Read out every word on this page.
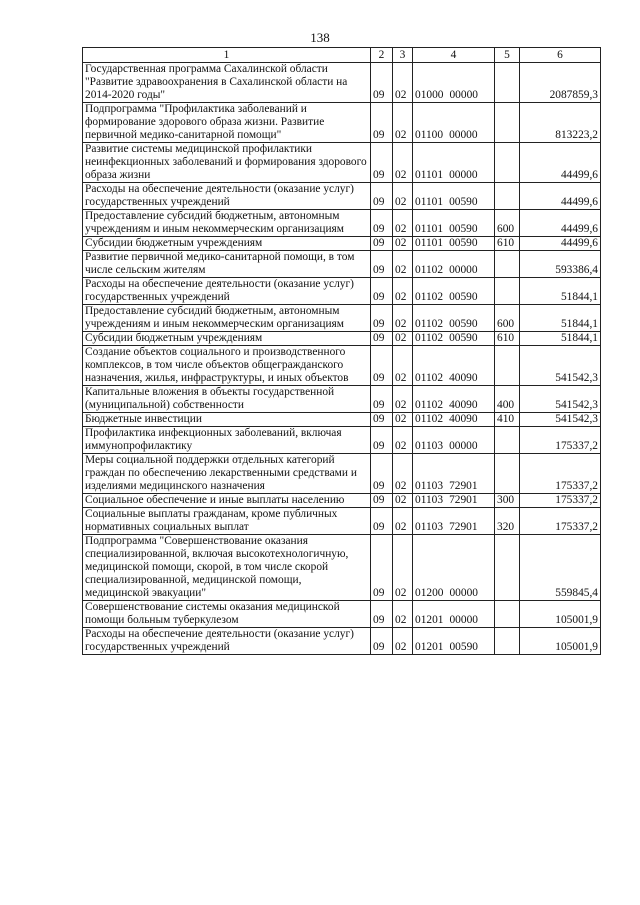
138
1	2	3	4	5	6
Государственная программа Сахалинской области "Развитие здравоохранения в Сахалинской области на 2014-2020 годы"	09	02	01000 00000		2087859,3
Подпрограмма "Профилактика заболеваний и формирование здорового образа жизни. Развитие первичной медико-санитарной помощи"	09	02	01100 00000		813223,2
Развитие системы медицинской профилактики неинфекционных заболеваний и формирования здорового образа жизни	09	02	01101 00000		44499,6
Расходы на обеспечение деятельности (оказание услуг) государственных учреждений	09	02	01101 00590		44499,6
Предоставление субсидий бюджетным, автономным учреждениям и иным некоммерческим организациям	09	02	01101 00590	600	44499,6
Субсидии бюджетным учреждениям	09	02	01101 00590	610	44499,6
Развитие первичной медико-санитарной помощи, в том числе сельским жителям	09	02	01102 00000		593386,4
Расходы на обеспечение деятельности (оказание услуг) государственных учреждений	09	02	01102 00590		51844,1
Предоставление субсидий бюджетным, автономным учреждениям и иным некоммерческим организациям	09	02	01102 00590	600	51844,1
Субсидии бюджетным учреждениям	09	02	01102 00590	610	51844,1
Создание объектов социального и производственного комплексов, в том числе объектов общегражданского назначения, жилья, инфраструктуры, и иных объектов	09	02	01102 40090		541542,3
Капитальные вложения в объекты государственной (муниципальной) собственности	09	02	01102 40090	400	541542,3
Бюджетные инвестиции	09	02	01102 40090	410	541542,3
Профилактика инфекционных заболеваний, включая иммунопрофилактику	09	02	01103 00000		175337,2
Меры социальной поддержки отдельных категорий граждан по обеспечению лекарственными средствами и изделиями медицинского назначения	09	02	01103 72901		175337,2
Социальное обеспечение и иные выплаты населению	09	02	01103 72901	300	175337,2
Социальные выплаты гражданам, кроме публичных нормативных социальных выплат	09	02	01103 72901	320	175337,2
Подпрограмма "Совершенствование оказания специализированной, включая высокотехнологичную, медицинской помощи, скорой, в том числе скорой специализированной, медицинской помощи, медицинской эвакуации"	09	02	01200 00000		559845,4
Совершенствование системы оказания медицинской помощи больным туберкулезом	09	02	01201 00000		105001,9
Расходы на обеспечение деятельности (оказание услуг) государственных учреждений	09	02	01201 00590		105001,9
